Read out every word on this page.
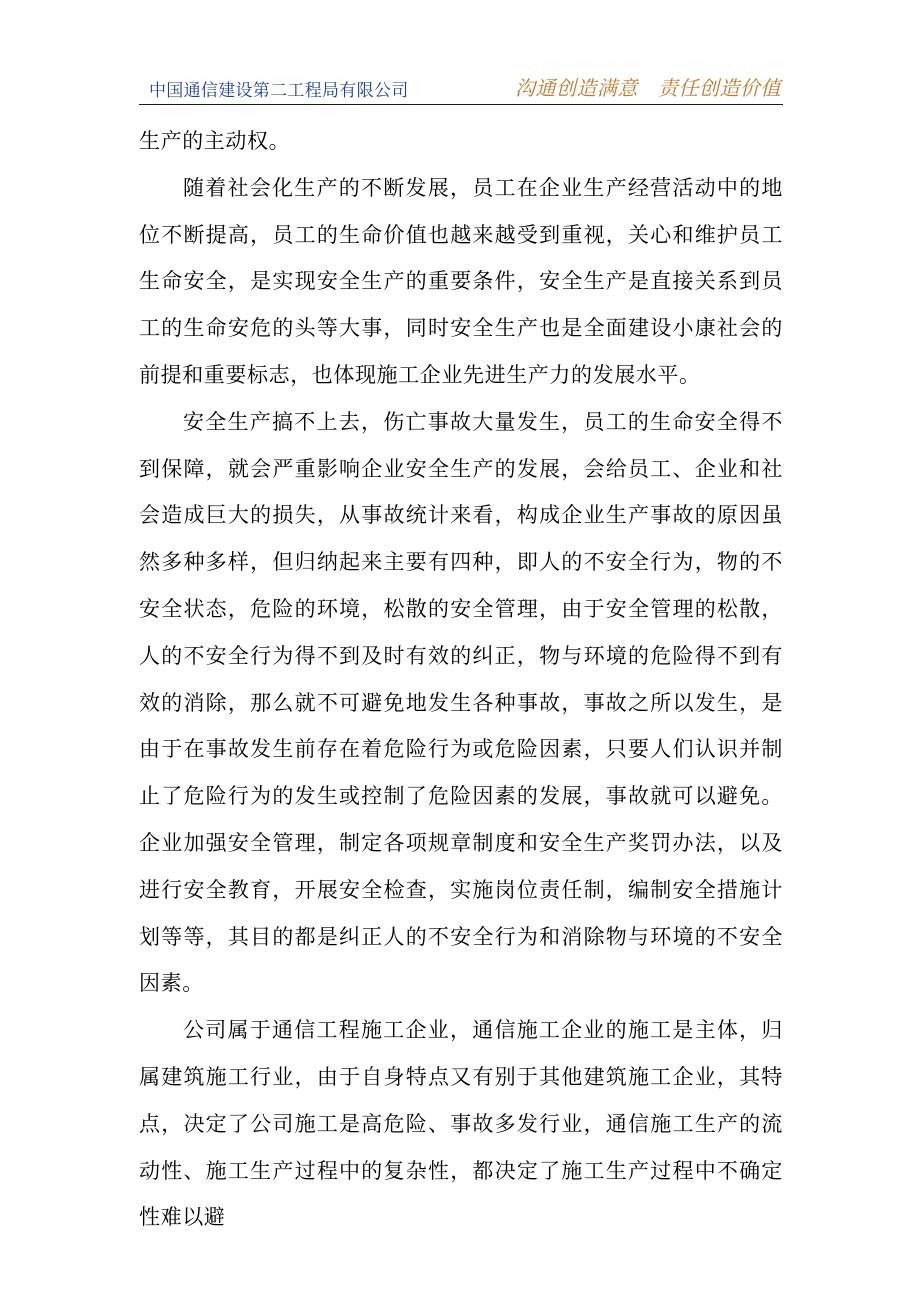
中国通信建设第二工程局有限公司	沟通创造满意 责任创造价值

生产的主动权。

随着社会化生产的不断发展，员工在企业生产经营活动中的地位不断提高，员工的生命价值也越来越受到重视，关心和维护员工生命安全，是实现安全生产的重要条件，安全生产是直接关系到员工的生命安危的头等大事，同时安全生产也是全面建设小康社会的前提和重要标志，也体现施工企业先进生产力的发展水平。

安全生产搞不上去，伤亡事故大量发生，员工的生命安全得不到保障，就会严重影响企业安全生产的发展，会给员工、企业和社会造成巨大的损失，从事故统计来看，构成企业生产事故的原因虽然多种多样，但归纳起来主要有四种，即人的不安全行为，物的不安全状态，危险的环境，松散的安全管理，由于安全管理的松散，人的不安全行为得不到及时有效的纠正，物与环境的危险得不到有效的消除，那么就不可避免地发生各种事故，事故之所以发生，是由于在事故发生前存在着危险行为或危险因素，只要人们认识并制止了危险行为的发生或控制了危险因素的发展，事故就可以避免。企业加强安全管理，制定各项规章制度和安全生产奖罚办法，以及进行安全教育，开展安全检查，实施岗位责任制，编制安全措施计划等等，其目的都是纠正人的不安全行为和消除物与环境的不安全因素。

公司属于通信工程施工企业，通信施工企业的施工是主体，归属建筑施工行业，由于自身特点又有别于其他建筑施工企业，其特点，决定了公司施工是高危险、事故多发行业，通信施工生产的流动性、施工生产过程中的复杂性，都决定了施工生产过程中不确定性难以避
